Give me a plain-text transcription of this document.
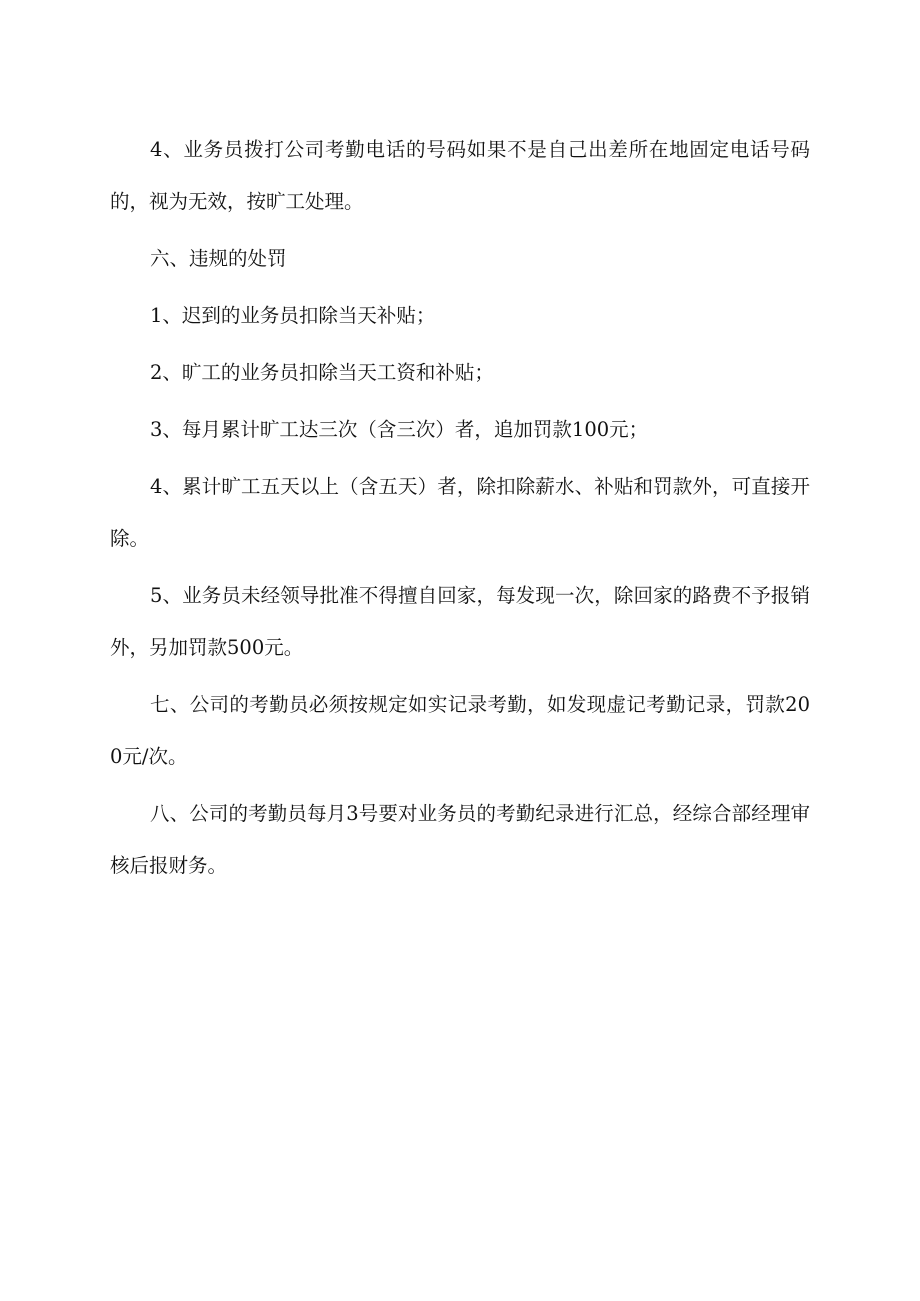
4、业务员拨打公司考勤电话的号码如果不是自己出差所在地固定电话号码的，视为无效，按旷工处理。

六、违规的处罚

1、迟到的业务员扣除当天补贴；

2、旷工的业务员扣除当天工资和补贴；

3、每月累计旷工达三次（含三次）者，追加罚款100元；

4、累计旷工五天以上（含五天）者，除扣除薪水、补贴和罚款外，可直接开除。

5、业务员未经领导批准不得擅自回家，每发现一次，除回家的路费不予报销外，另加罚款500元。

七、公司的考勤员必须按规定如实记录考勤，如发现虚记考勤记录，罚款200元/次。

八、公司的考勤员每月3号要对业务员的考勤纪录进行汇总，经综合部经理审核后报财务。
